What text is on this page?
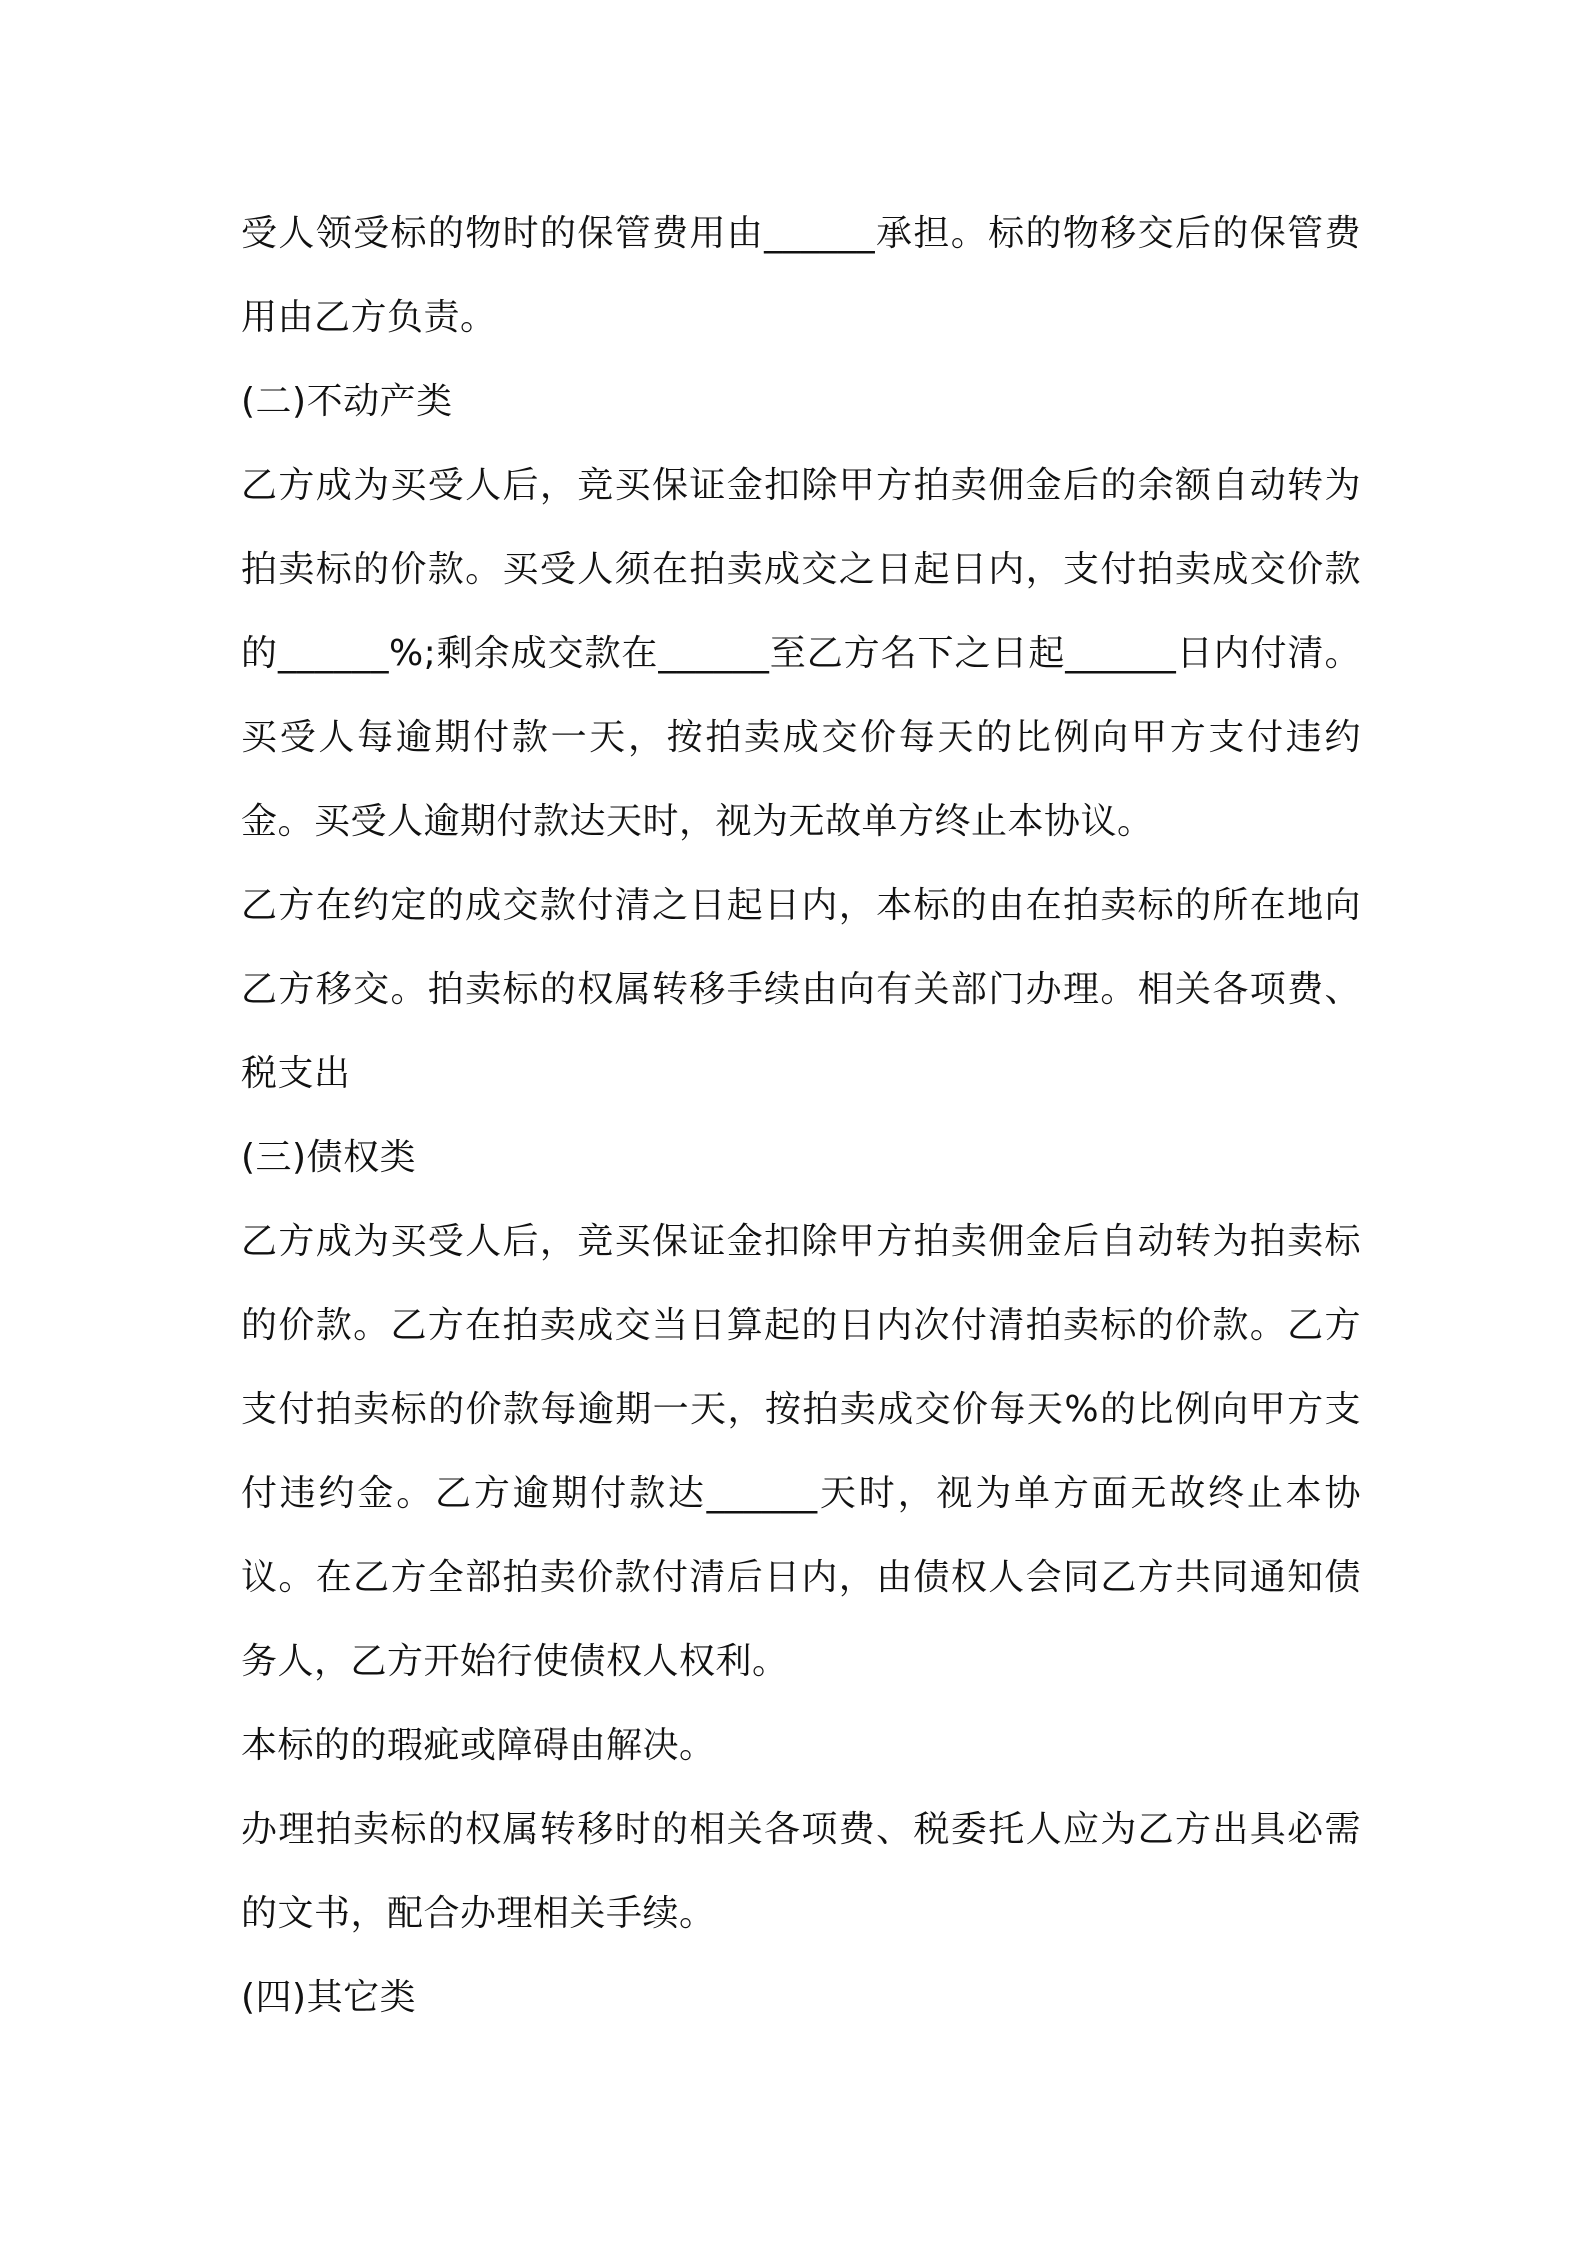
受人领受标的物时的保管费用由______承担。标的物移交后的保管费用由乙方负责。

(二)不动产类

乙方成为买受人后，竞买保证金扣除甲方拍卖佣金后的余额自动转为拍卖标的价款。买受人须在拍卖成交之日起日内，支付拍卖成交价款的______%;剩余成交款在______至乙方名下之日起______日内付清。买受人每逾期付款一天，按拍卖成交价每天的比例向甲方支付违约金。买受人逾期付款达天时，视为无故单方终止本协议。

乙方在约定的成交款付清之日起日内，本标的由在拍卖标的所在地向乙方移交。拍卖标的权属转移手续由向有关部门办理。相关各项费、税支出

(三)债权类

乙方成为买受人后，竞买保证金扣除甲方拍卖佣金后自动转为拍卖标的价款。乙方在拍卖成交当日算起的日内次付清拍卖标的价款。乙方支付拍卖标的价款每逾期一天，按拍卖成交价每天%的比例向甲方支付违约金。乙方逾期付款达______天时，视为单方面无故终止本协议。在乙方全部拍卖价款付清后日内，由债权人会同乙方共同通知债务人，乙方开始行使债权人权利。

本标的的瑕疵或障碍由解决。

办理拍卖标的权属转移时的相关各项费、税委托人应为乙方出具必需的文书，配合办理相关手续。

(四)其它类
